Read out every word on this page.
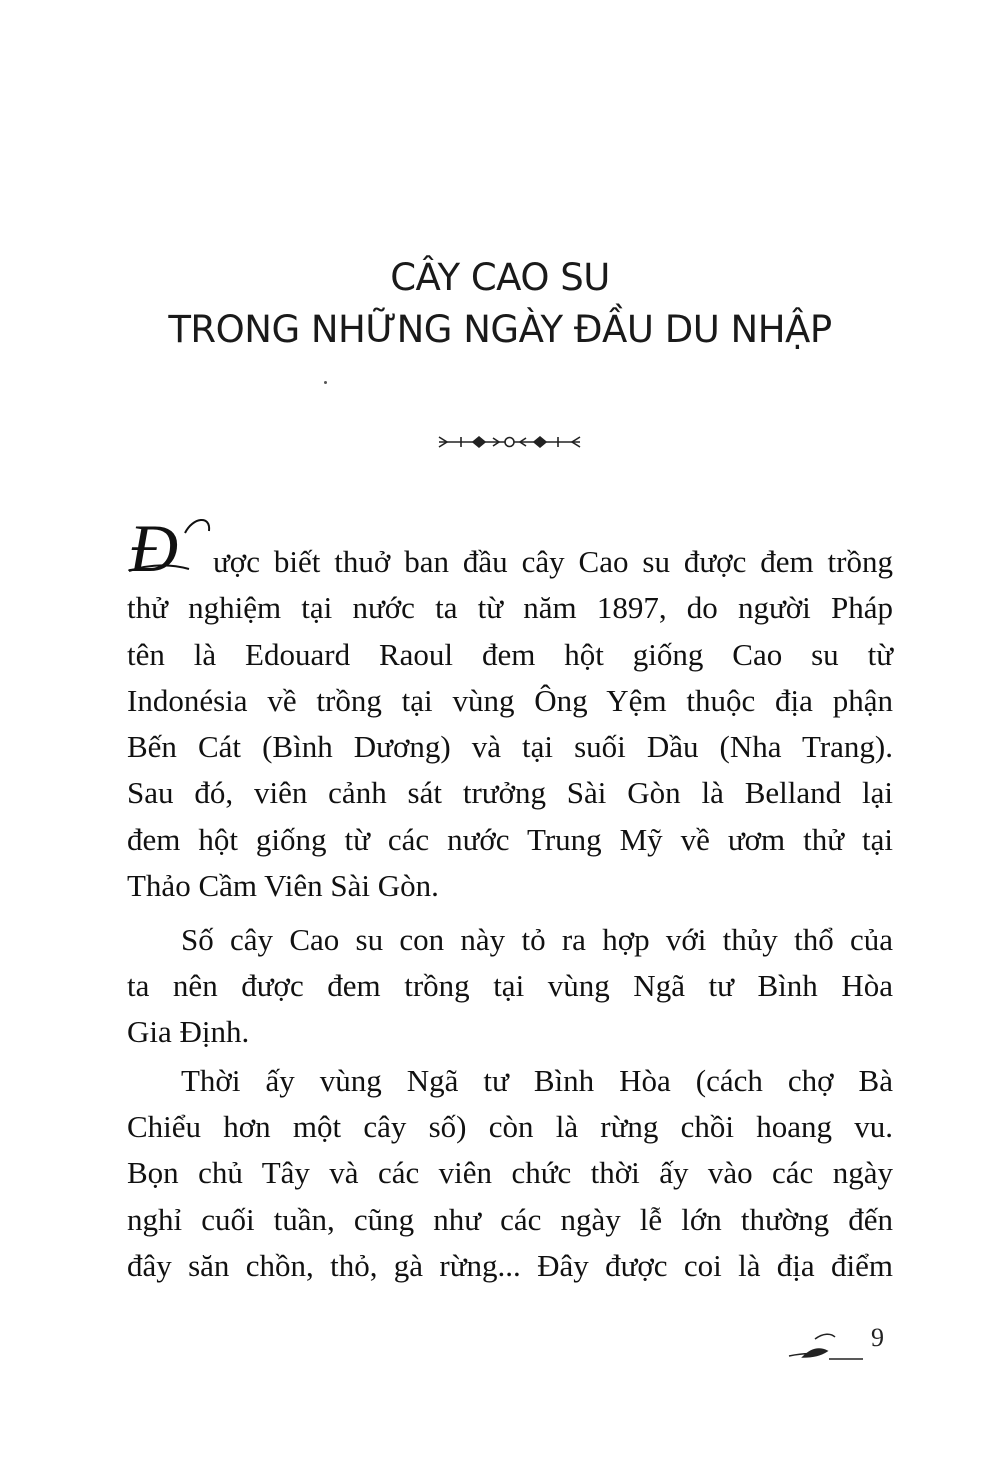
CÂY CAO SU
TRONG NHỮNG NGÀY ĐẦU DU NHẬP
Đ ược biết thuở ban đầu cây Cao su được đem trồng
thử nghiệm tại nước ta từ năm 1897, do người Pháp
tên là Edouard Raoul đem hột giống Cao su từ
Indonésia về trồng tại vùng Ông Yệm thuộc địa phận
Bến Cát (Bình Dương) và tại suối Dầu (Nha Trang).
Sau đó, viên cảnh sát trưởng Sài Gòn là Belland lại
đem hột giống từ các nước Trung Mỹ về ươm thử tại
Thảo Cầm Viên Sài Gòn.
Số cây Cao su con này tỏ ra hợp với thủy thổ của
ta nên được đem trồng tại vùng Ngã tư Bình Hòa
Gia Định.
Thời ấy vùng Ngã tư Bình Hòa (cách chợ Bà
Chiểu hơn một cây số) còn là rừng chồi hoang vu.
Bọn chủ Tây và các viên chức thời ấy vào các ngày
nghỉ cuối tuần, cũng như các ngày lễ lớn thường đến
đây săn chồn, thỏ, gà rừng... Đây được coi là địa điểm
9
